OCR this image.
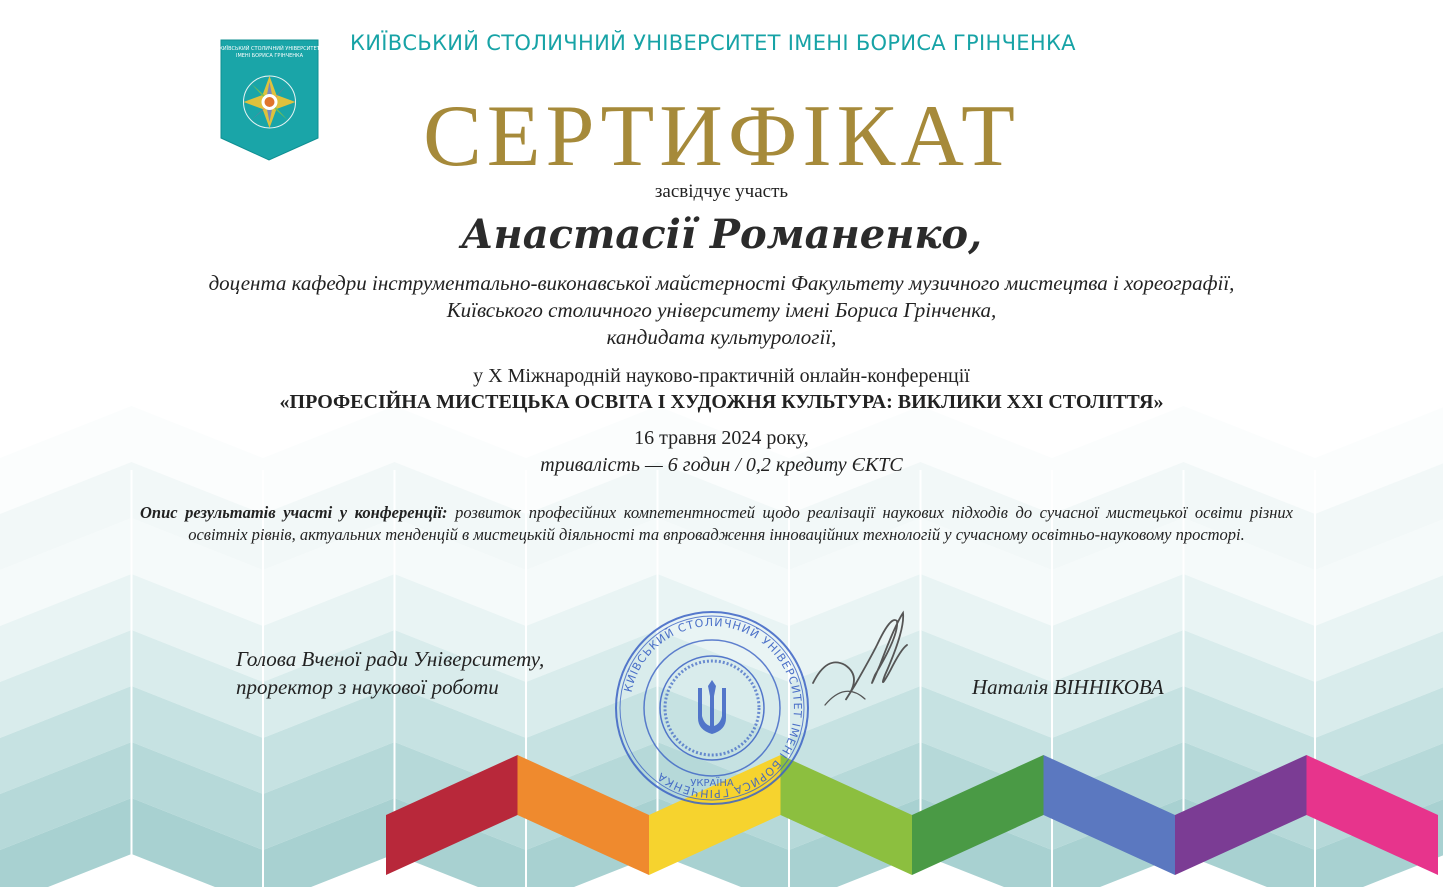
КИЇВСЬКИЙ СТОЛИЧНИЙ УНІВЕРСИТЕТ
ІМЕНІ БОРИСА ГРІНЧЕНКА
КИЇВСЬКИЙ СТОЛИЧНИЙ УНІВЕРСИТЕТ ІМЕНІ БОРИСА ГРІНЧЕНКА
СЕРТИФІКАТ
засвідчує участь
Анастасії Романенко,
доцента кафедри інструментально-виконавської майстерності Факультету музичного мистецтва і хореографії,
Київського столичного університету імені Бориса Грінченка,
кандидата культурології,
у Х Міжнародній науково-практичній онлайн-конференції
«ПРОФЕСІЙНА МИСТЕЦЬКА ОСВІТА І ХУДОЖНЯ КУЛЬТУРА: ВИКЛИКИ ХХІ СТОЛІТТЯ»
16 травня 2024 року,
тривалість — 6 годин / 0,2 кредиту ЄКТС
Опис результатів участі у конференції: розвиток професійних компетентностей щодо реалізації наукових підходів до сучасної мистецької освіти різних освітніх рівнів, актуальних тенденцій в мистецькій діяльності та впровадження інноваційних технологій у сучасному освітньо-науковому просторі.
Голова Вченої ради Університету,
проректор з наукової роботи	Наталія ВІННІКОВА
КИЇВСЬКИЙ СТОЛИЧНИЙ УНІВЕРСИТЕТ ІМЕНІ БОРИСА ГРІНЧЕНКА	УКРАЇНА
